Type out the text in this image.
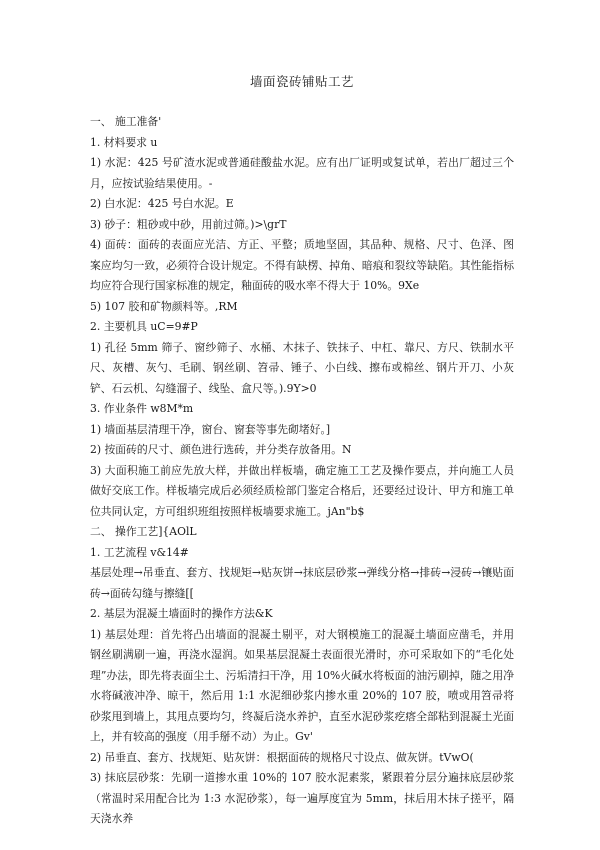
墙面瓷砖铺贴工艺

一、 施工准备'

1. 材料要求 u

1) 水泥：425 号矿渣水泥或普通硅酸盐水泥。应有出厂证明或复试单，若出厂超过三个月，应按试验结果使用。-

2) 白水泥：425 号白水泥。E

3) 砂子：粗砂或中砂，用前过筛。)>\grT

4) 面砖：面砖的表面应光洁、方正、平整；质地坚固，其品种、规格、尺寸、色泽、图案应均匀一致，必须符合设计规定。不得有缺楞、掉角、暗痕和裂纹等缺陷。其性能指标均应符合现行国家标准的规定，釉面砖的吸水率不得大于 10%。9Xe

5) 107 胶和矿物颜料等。,RM

2. 主要机具 uC=9#P

1) 孔径 5mm 筛子、窗纱筛子、水桶、木抹子、铁抹子、中杠、靠尺、方尺、铁制水平尺、灰槽、灰勺、毛刷、钢丝刷、笤帚、锤子、小白线、擦布或棉丝、钢片开刀、小灰铲、石云机、勾缝溜子、线坠、盒尺等。).9Y>0

3. 作业条件 w8M*m

1) 墙面基层清理干净，窗台、窗套等事先砌堵好。]

2) 按面砖的尺寸、颜色进行选砖，并分类存放备用。N

3) 大面积施工前应先放大样，并做出样板墙，确定施工工艺及操作要点，并向施工人员做好交底工作。样板墙完成后必须经质检部门鉴定合格后，还要经过设计、甲方和施工单位共同认定，方可组织班组按照样板墙要求施工。jAn"b$

二、 操作工艺]{AOlL

1. 工艺流程 v&14#

基层处理→吊垂直、套方、找规矩→贴灰饼→抹底层砂浆→弹线分格→排砖→浸砖→镶贴面砖→面砖勾缝与擦缝[[

2. 基层为混凝土墙面时的操作方法&K

1) 基层处理：首先将凸出墙面的混凝土剔平，对大钢模施工的混凝土墙面应凿毛，并用钢丝刷满刷一遍，再浇水湿润。如果基层混凝土表面很光滑时，亦可采取如下的“毛化处理”办法，即先将表面尘土、污垢清扫干净，用 10%火碱水将板面的油污刷掉，随之用净水将碱液冲净、晾干，然后用 1:1 水泥细砂浆内掺水重 20%的 107 胶，喷或用笤帚将砂浆甩到墙上，其甩点要均匀，终凝后浇水养护，直至水泥砂浆疙瘩全部粘到混凝土光面上，并有较高的强度（用手掰不动）为止。Gv'

2) 吊垂直、套方、找规矩、贴灰饼：根据面砖的规格尺寸设点、做灰饼。tVwO(

3) 抹底层砂浆：先刷一道掺水重 10%的 107 胶水泥素浆，紧跟着分层分遍抹底层砂浆（常温时采用配合比为 1:3 水泥砂浆），每一遍厚度宜为 5mm，抹后用木抹子搓平，隔天浇水养
